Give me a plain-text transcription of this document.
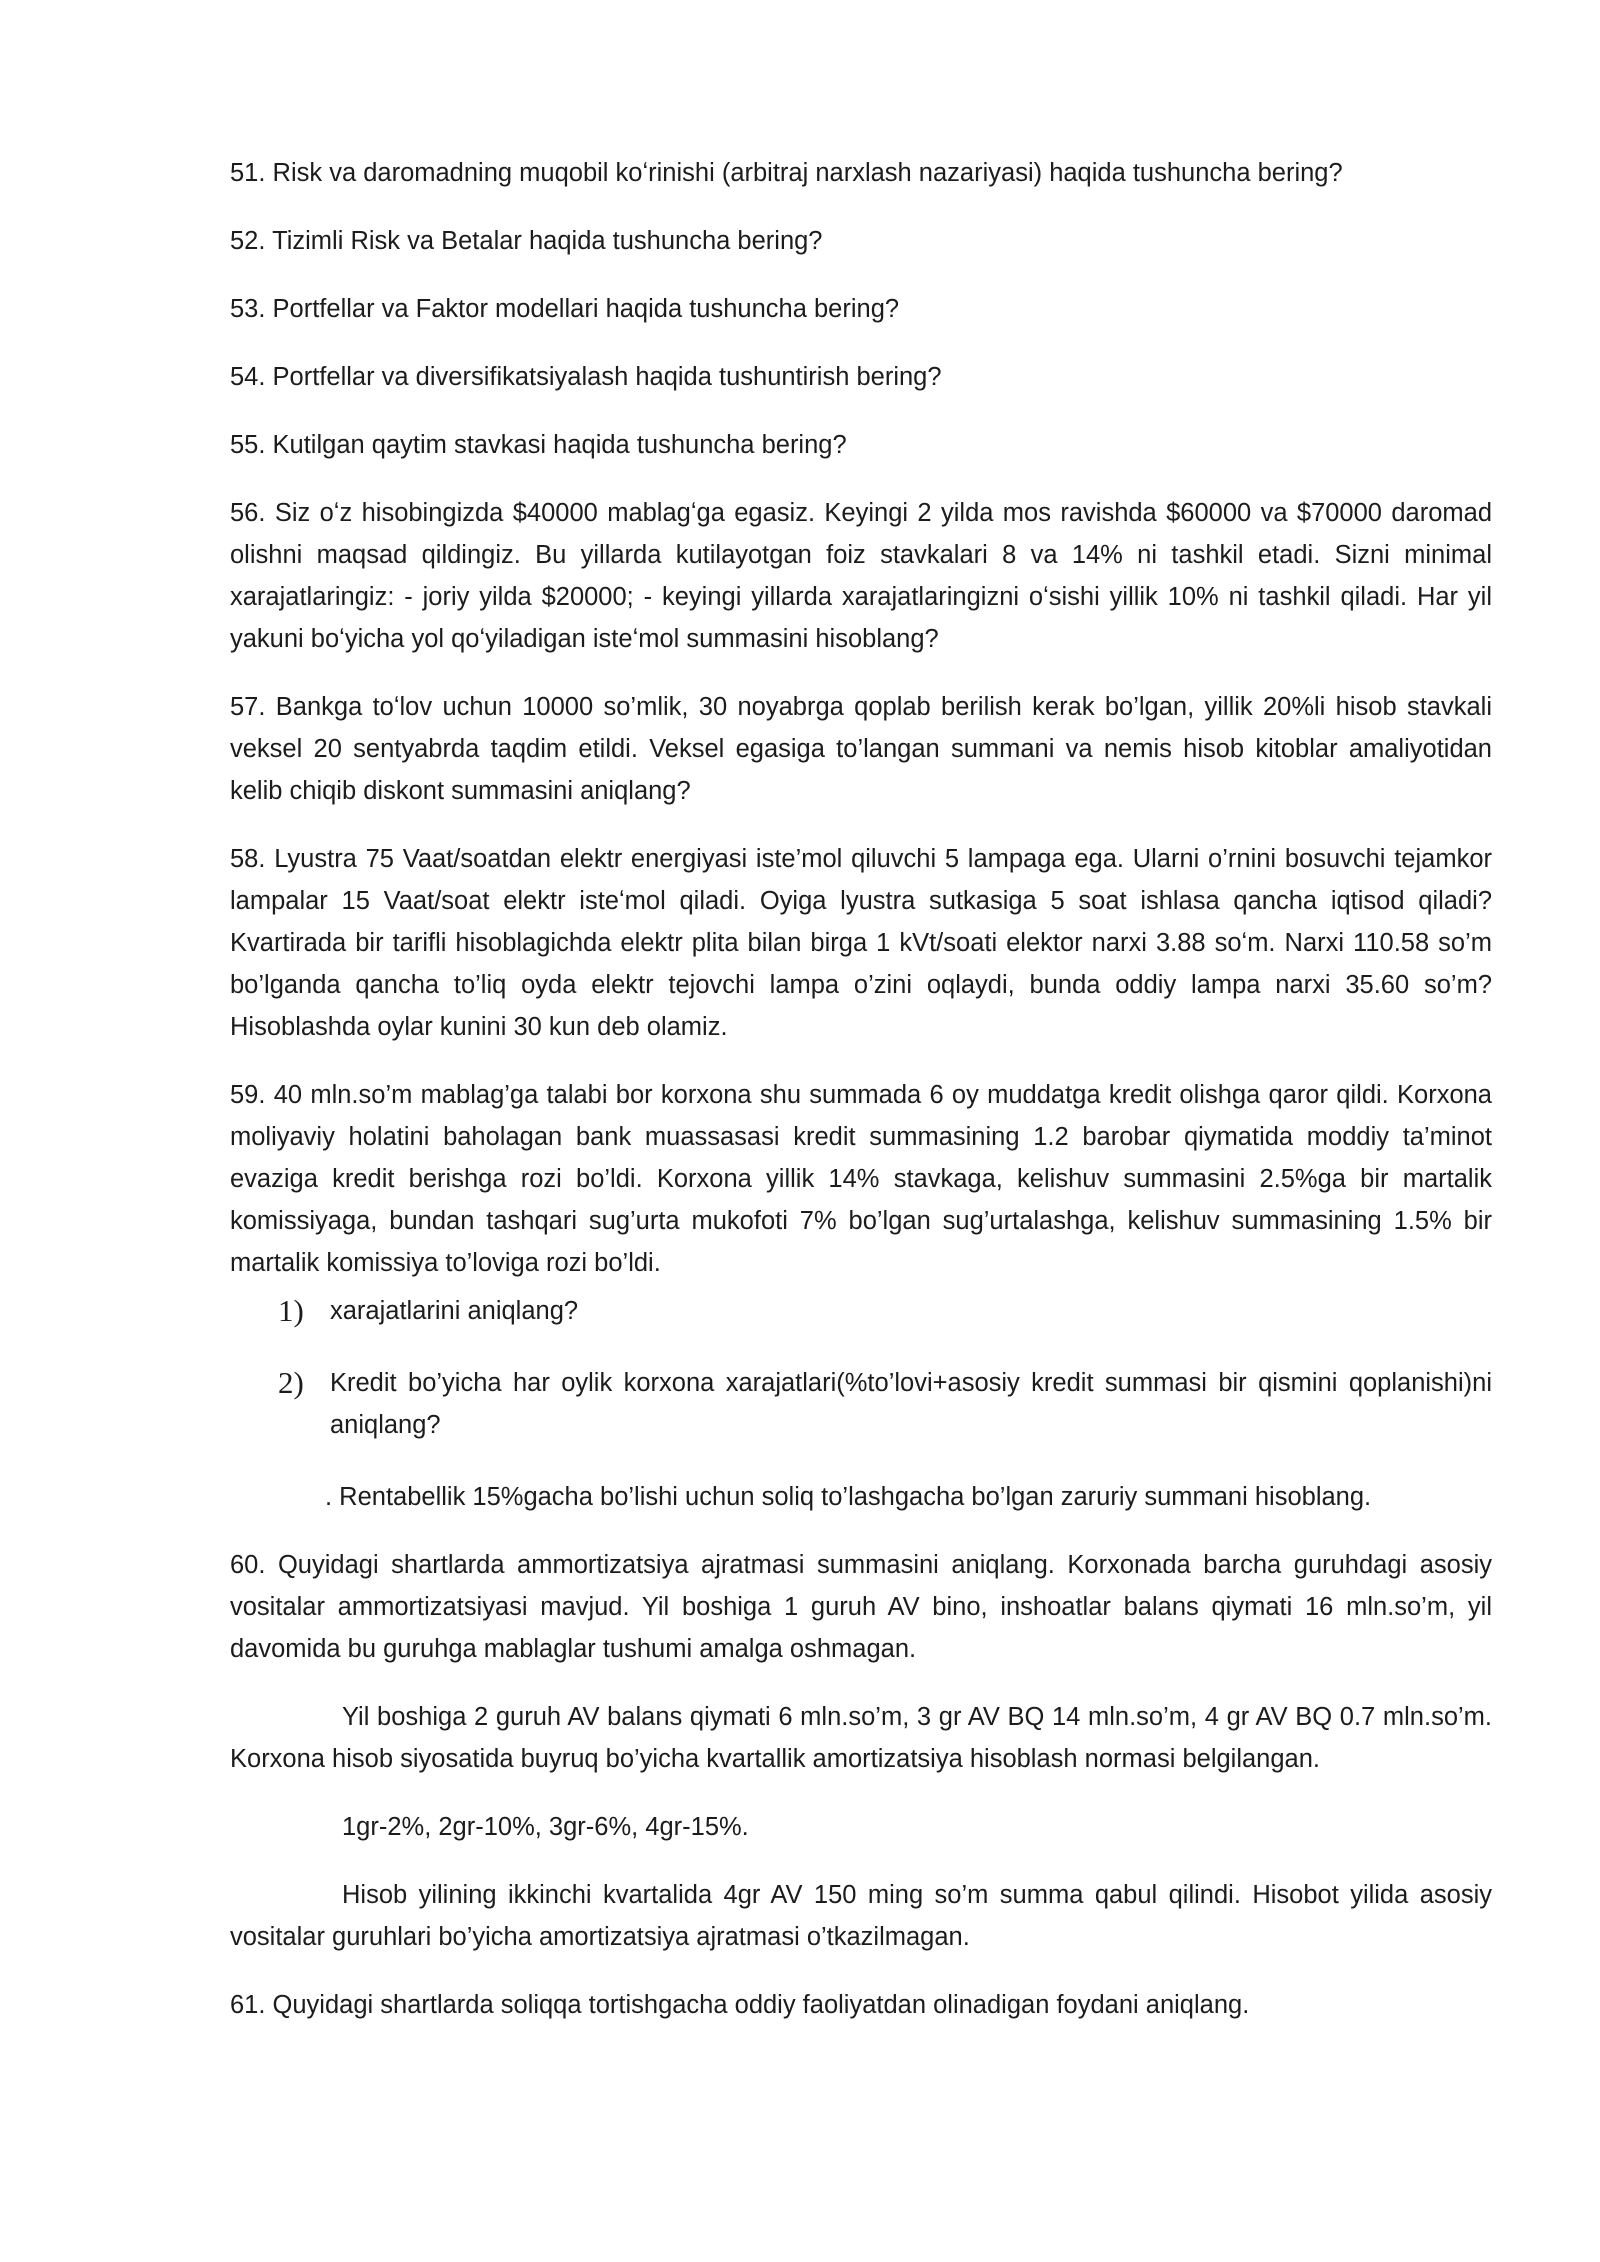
51. Risk va daromadning muqobil koʻrinishi (arbitraj narxlash nazariyasi) haqida tushuncha bering?

52. Tizimli Risk va Betalar haqida tushuncha bering?

53. Portfellar va Faktor modellari haqida tushuncha bering?

54. Portfellar va diversifikatsiyalash haqida tushuntirish bering?

55. Kutilgan qaytim stavkasi haqida tushuncha bering?

56. Siz oʻz hisobingizda $40000 mablagʻga egasiz. Keyingi 2 yilda mos ravishda $60000 va $70000 daromad olishni maqsad qildingiz. Bu yillarda kutilayotgan foiz stavkalari 8 va 14% ni tashkil etadi. Sizni minimal xarajatlaringiz: - joriy yilda $20000; - keyingi yillarda xarajatlaringizni oʻsishi yillik 10% ni tashkil qiladi. Har yil yakuni boʻyicha yol qoʻyiladigan isteʻmol summasini hisoblang?

57. Bankga toʻlov uchun 10000 so’mlik, 30 noyabrga qoplab berilish kerak bo’lgan, yillik 20%li hisob stavkali veksel 20 sentyabrda taqdim etildi. Veksel egasiga to’langan summani va nemis hisob kitoblar amaliyotidan kelib chiqib diskont summasini aniqlang?

58. Lyustra 75 Vaat/soatdan elektr energiyasi iste’mol qiluvchi 5 lampaga ega. Ularni o’rnini bosuvchi tejamkor lampalar 15 Vaat/soat elektr isteʻmol qiladi. Oyiga lyustra sutkasiga 5 soat ishlasa qancha iqtisod qiladi? Kvartirada bir tarifli hisoblagichda elektr plita bilan birga 1 kVt/soati elektor narxi 3.88 soʻm. Narxi 110.58 so’m bo’lganda qancha to’liq oyda elektr tejovchi lampa o’zini oqlaydi, bunda oddiy lampa narxi 35.60 so’m? Hisoblashda oylar kunini 30 kun deb olamiz.

59. 40 mln.so’m mablag’ga talabi bor korxona shu summada 6 oy muddatga kredit olishga qaror qildi. Korxona moliyaviy holatini baholagan bank muassasasi kredit summasining 1.2 barobar qiymatida moddiy ta’minot evaziga kredit berishga rozi bo’ldi. Korxona yillik 14% stavkaga, kelishuv summasini 2.5%ga bir martalik komissiyaga, bundan tashqari sug’urta mukofoti 7% bo’lgan sug’urtalashga, kelishuv summasining 1.5% bir martalik komissiya to’loviga rozi bo’ldi.

1)	xarajatlarini aniqlang?
2)	Kredit bo’yicha har oylik korxona xarajatlari(%to’lovi+asosiy kredit summasi bir qismini qoplanishi)ni aniqlang?

. Rentabellik 15%gacha bo’lishi uchun soliq to’lashgacha bo’lgan zaruriy summani hisoblang.

60. Quyidagi shartlarda ammortizatsiya ajratmasi summasini aniqlang. Korxonada barcha guruhdagi asosiy vositalar ammortizatsiyasi mavjud. Yil boshiga 1 guruh AV bino, inshoatlar balans qiymati 16 mln.so’m, yil davomida bu guruhga mablaglar tushumi amalga oshmagan.

Yil boshiga 2 guruh AV balans qiymati 6 mln.so’m, 3 gr AV BQ 14 mln.so’m, 4 gr AV BQ 0.7 mln.so’m. Korxona hisob siyosatida buyruq bo’yicha kvartallik amortizatsiya hisoblash normasi belgilangan.

1gr-2%, 2gr-10%, 3gr-6%, 4gr-15%.

Hisob yilining ikkinchi kvartalida 4gr AV 150 ming so’m summa qabul qilindi. Hisobot yilida asosiy vositalar guruhlari bo’yicha amortizatsiya ajratmasi o’tkazilmagan.

61. Quyidagi shartlarda soliqqa tortishgacha oddiy faoliyatdan olinadigan foydani aniqlang.
